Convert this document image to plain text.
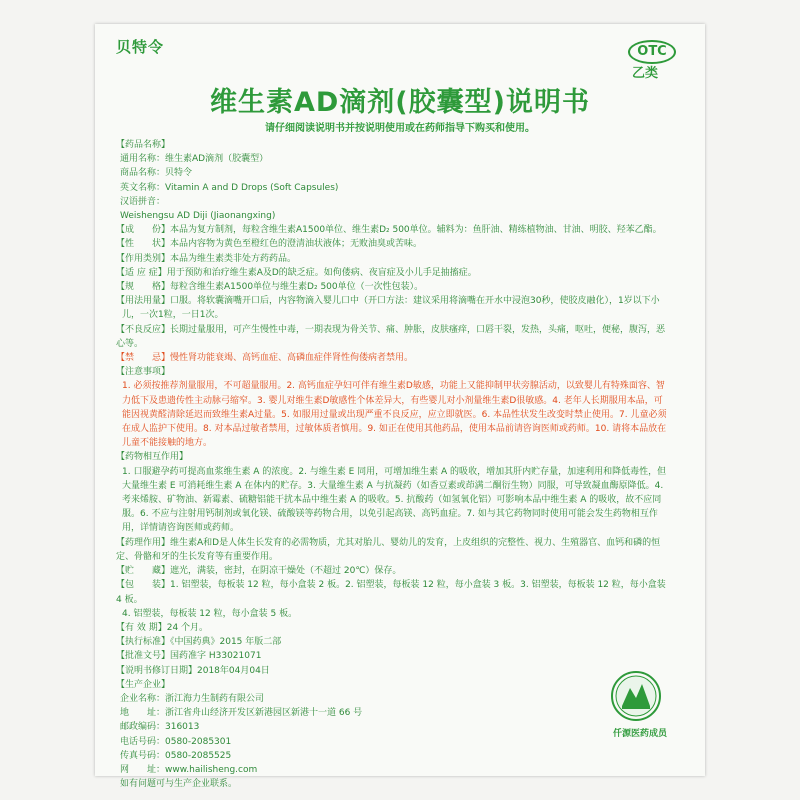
贝特令	OTC
乙类
维生素AD滴剂(胶囊型)说明书
请仔细阅读说明书并按说明使用或在药师指导下购买和使用。
【药品名称】
通用名称：维生素AD滴剂（胶囊型）
商品名称：贝特令
英文名称：Vitamin A and D Drops (Soft Capsules)
汉语拼音：
Weishengsu AD Diji (Jiaonangxing)
【成　　份】本品为复方制剂，每粒含维生素A1500单位、维生素D₂ 500单位。辅料为：鱼肝油、精练植物油、甘油、明胶、羟苯乙酯。
【性　　状】本品内容物为黄色至橙红色的澄清油状液体；无败油臭或苦味。
【作用类别】本品为维生素类非处方药药品。
【适 应 症】用于预防和治疗维生素A及D的缺乏症。如佝偻病、夜盲症及小儿手足抽搐症。
【规　　格】每粒含维生素A1500单位与维生素D₂ 500单位（一次性包装）。
【用法用量】口服。将软囊滴嘴开口后，内容物滴入婴儿口中（开口方法：建议采用将滴嘴在开水中浸泡30秒，使胶皮融化），1岁以下小
儿，一次1粒，一日1次。
【不良反应】长期过量服用，可产生慢性中毒，一期表现为骨关节、痛、肿胀，皮肤瘙痒，口唇干裂，发热，头痛，呕吐，便秘，腹泻，恶心等。
【禁　　忌】慢性肾功能衰竭、高钙血症、高磷血症伴肾性佝偻病者禁用。
【注意事项】
1. 必须按推荐剂量服用，不可超量服用。2. 高钙血症孕妇可伴有维生素D敏感，功能上又能抑制甲状旁腺活动，以致婴儿有特殊面容、智力低下及患遗传性主动脉弓缩窄。3. 婴儿对维生素D敏感性个体差异大，有些婴儿对小剂量维生素D很敏感。4. 老年人长期服用本品，可能因视黄醛清除延迟而致维生素A过量。5. 如服用过量或出现严重不良反应，应立即就医。6. 本品性状发生改变时禁止使用。7. 儿童必须在成人监护下使用。8. 对本品过敏者禁用，过敏体质者慎用。9. 如正在使用其他药品，使用本品前请咨询医师或药师。10. 请将本品放在儿童不能接触的地方。
【药物相互作用】
1. 口服避孕药可提高血浆维生素 A 的浓度。2. 与维生素 E 同用，可增加维生素 A 的吸收，增加其肝内贮存量，加速利用和降低毒性，但大量维生素 E 可消耗维生素 A 在体内的贮存。3. 大量维生素 A 与抗凝药（如香豆素或茚满二酮衍生物）同服，可导致凝血酶原降低。4. 考来烯胺、矿物油、新霉素、硫糖铝能干扰本品中维生素 A 的吸收。5. 抗酸药（如氢氧化铝）可影响本品中维生素 A 的吸收，故不应同服。6. 不应与注射用钙制剂或氧化镁、硫酸镁等药物合用，以免引起高镁、高钙血症。7. 如与其它药物同时使用可能会发生药物相互作用，详情请咨询医师或药师。
【药理作用】维生素A和D是人体生长发育的必需物质，尤其对胎儿、婴幼儿的发育，上皮组织的完整性、视力、生殖器官、血钙和磷的恒定、骨骼和牙的生长发育等有重要作用。
【贮　　藏】遮光，满装，密封，在阴凉干燥处（不超过 20℃）保存。
【包　　装】1. 铝塑装，每板装 12 粒，每小盒装 2 板。2. 铝塑装，每板装 12 粒，每小盒装 3 板。3. 铝塑装，每板装 12 粒，每小盒装 4 板。
4. 铝塑装，每板装 12 粒，每小盒装 5 板。
【有 效 期】24 个月。
【执行标准】《中国药典》2015 年版二部
【批准文号】国药准字 H33021071
【说明书修订日期】2018年04月04日
【生产企业】
企业名称：浙江海力生制药有限公司
地　　址：浙江省舟山经济开发区新港园区新港十一道 66 号
邮政编码：316013
电话号码：0580-2085301
传真号码：0580-2085525
网　　址：www.hailisheng.com
如有问题可与生产企业联系。
仟源医药成员
